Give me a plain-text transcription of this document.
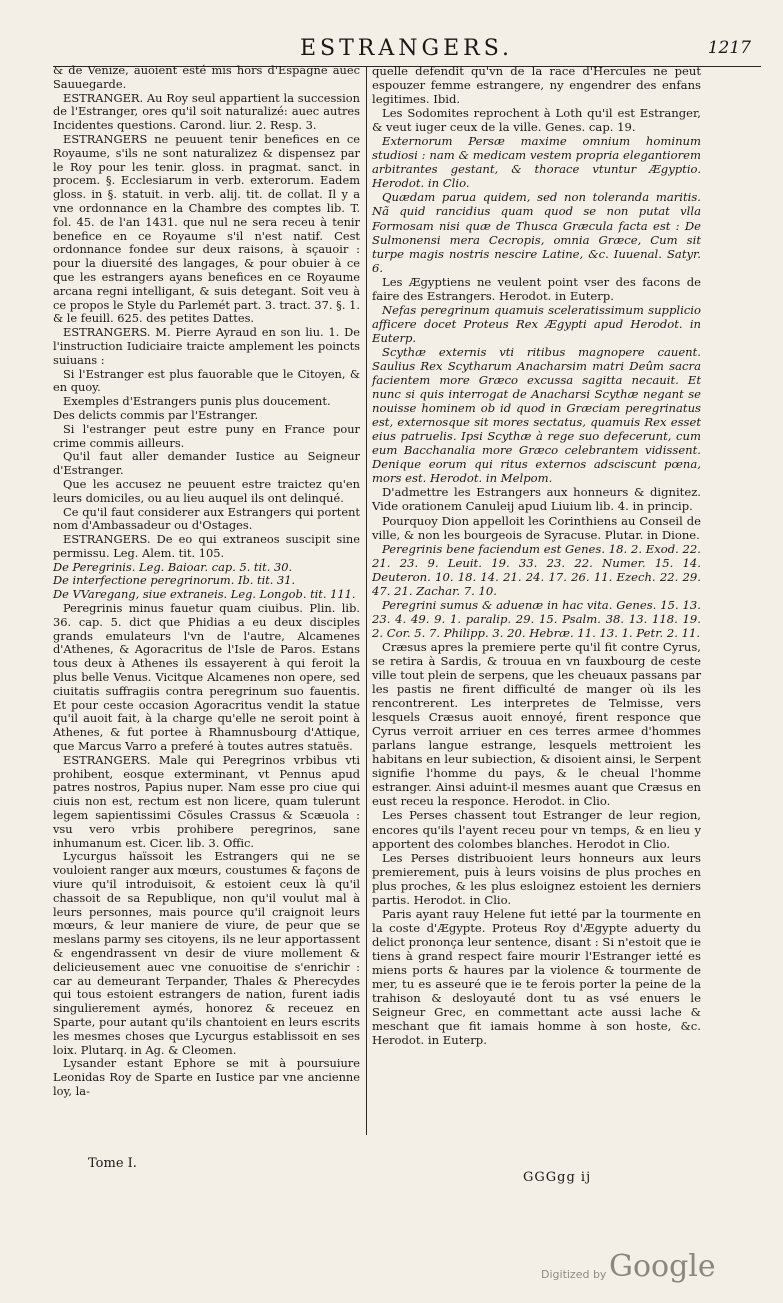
ESTRANGERS.	1217

& de Venize, auoient esté mis hors d'Espagne auec Sauuegarde.

ESTRANGER. Au Roy seul appartient la succession de l'Estranger, ores qu'il soit naturalizé: auec autres Incidentes questions. Carond. liur. 2. Resp. 3.

ESTRANGERS ne peuuent tenir benefices en ce Royaume, s'ils ne sont naturalizez & dispensez par le Roy pour les tenir. gloss. in pragmat. sanct. in procem. §. Ecclesiarum in verb. exterorum. Eadem gloss. in §. statuit. in verb. alij. tit. de collat. Il y a vne ordonnance en la Chambre des comptes lib. T. fol. 45. de l'an 1431. que nul ne sera receu à tenir benefice en ce Royaume s'il n'est natif. Cest ordonnance fondee sur deux raisons, à sçauoir : pour la diuersité des langages, & pour obuier à ce que les estrangers ayans benefices en ce Royaume arcana regni intelligant, & suis detegant. Soit veu à ce propos le Style du Parlemét part. 3. tract. 37. §. 1. & le feuill. 625. des petites Dattes.

ESTRANGERS. M. Pierre Ayraud en son liu. 1. De l'instruction Iudiciaire traicte amplement les poincts suiuans :

Si l'Estranger est plus fauorable que le Citoyen, & en quoy.

Exemples d'Estrangers punis plus doucement.

Des delicts commis par l'Estranger.

Si l'estranger peut estre puny en France pour crime commis ailleurs.

Qu'il faut aller demander Iustice au Seigneur d'Estranger.

Que les accusez ne peuuent estre traictez qu'en leurs domiciles, ou au lieu auquel ils ont delinqué.

Ce qu'il faut considerer aux Estrangers qui portent nom d'Ambassadeur ou d'Ostages.

ESTRANGERS. De eo qui extraneos suscipit sine permissu. Leg. Alem. tit. 105.

De Peregrinis. Leg. Baioar. cap. 5. tit. 30.

De interfectione peregrinorum. Ib. tit. 31.

De VVaregang, siue extraneis. Leg. Longob. tit. 111.

Peregrinis minus fauetur quam ciuibus. Plin. lib. 36. cap. 5. dict que Phidias a eu deux disciples grands emulateurs l'vn de l'autre, Alcamenes d'Athenes, & Agoracritus de l'Isle de Paros. Estans tous deux à Athenes ils essayerent à qui feroit la plus belle Venus. Vicitque Alcamenes non opere, sed ciuitatis suffragiis contra peregrinum suo fauentis. Et pour ceste occasion Agoracritus vendit la statue qu'il auoit fait, à la charge qu'elle ne seroit point à Athenes, & fut portee à Rhamnusbourg d'Attique, que Marcus Varro a preferé à toutes autres statuës.

ESTRANGERS. Male qui Peregrinos vrbibus vti prohibent, eosque exterminant, vt Pennus apud patres nostros, Papius nuper. Nam esse pro ciue qui ciuis non est, rectum est non licere, quam tulerunt legem sapientissimi Cõsules Crassus & Scæuola : vsu vero vrbis prohibere peregrinos, sane inhumanum est. Cicer. lib. 3. Offic.

Lycurgus haïssoit les Estrangers qui ne se vouloient ranger aux mœurs, coustumes & façons de viure qu'il introduisoit, & estoient ceux là qu'il chassoit de sa Republique, non qu'il voulut mal à leurs personnes, mais pource qu'il craignoit leurs mœurs, & leur maniere de viure, de peur que se meslans parmy ses citoyens, ils ne leur apportassent & engendrassent vn desir de viure mollement & delicieusement auec vne conuoitise de s'enrichir : car au demeurant Terpander, Thales & Pherecydes qui tous estoient estrangers de nation, furent iadis singulierement aymés, honorez & receuez en Sparte, pour autant qu'ils chantoient en leurs escrits les mesmes choses que Lycurgus establissoit en ses loix. Plutarq. in Ag. & Cleomen.

Lysander estant Ephore se mit à poursuiure Leonidas Roy de Sparte en Iustice par vne ancienne loy, la-

quelle defendit qu'vn de la race d'Hercules ne peut espouzer femme estrangere, ny engendrer des enfans legitimes. Ibid.

Les Sodomites reprochent à Loth qu'il est Estranger, & veut iuger ceux de la ville. Genes. cap. 19.

Externorum Persæ maxime omnium hominum studiosi : nam & medicam vestem propria elegantiorem arbitrantes gestant, & thorace vtuntur Ægyptio. Herodot. in Clio.

Quædam parua quidem, sed non toleranda maritis. Nã quid rancidius quam quod se non putat vlla Formosam nisi quæ de Thusca Græcula facta est : De Sulmonensi mera Cecropis, omnia Græce, Cum sit turpe magis nostris nescire Latine, &c. Iuuenal. Satyr. 6.

Les Ægyptiens ne veulent point vser des facons de faire des Estrangers. Herodot. in Euterp.

Nefas peregrinum quamuis sceleratissimum supplicio afficere docet Proteus Rex Ægypti apud Herodot. in Euterp.

Scythæ externis vti ritibus magnopere cauent. Saulius Rex Scytharum Anacharsim matri Deûm sacra facientem more Græco excussa sagitta necauit. Et nunc si quis interrogat de Anacharsi Scythæ negant se nouisse hominem ob id quod in Græciam peregrinatus est, externosque sit mores sectatus, quamuis Rex esset eius patruelis. Ipsi Scythæ à rege suo defecerunt, cum eum Bacchanalia more Græco celebrantem vidissent. Denique eorum qui ritus externos adsciscunt pœna, mors est. Herodot. in Melpom.

D'admettre les Estrangers aux honneurs & dignitez. Vide orationem Canuleij apud Liuium lib. 4. in princip.

Pourquoy Dion appelloit les Corinthiens au Conseil de ville, & non les bourgeois de Syracuse. Plutar. in Dione.

Peregrinis bene faciendum est Genes. 18. 2. Exod. 22. 21. 23. 9. Leuit. 19. 33. 23. 22. Numer. 15. 14. Deuteron. 10. 18. 14. 21. 24. 17. 26. 11. Ezech. 22. 29. 47. 21. Zachar. 7. 10.

Peregrini sumus & aduenæ in hac vita. Genes. 15. 13. 23. 4. 49. 9. 1. paralip. 29. 15. Psalm. 38. 13. 118. 19. 2. Cor. 5. 7. Philipp. 3. 20. Hebræ. 11. 13. 1. Petr. 2. 11.

Cræsus apres la premiere perte qu'il fit contre Cyrus, se retira à Sardis, & trouua en vn fauxbourg de ceste ville tout plein de serpens, que les cheuaux passans par les pastis ne firent difficulté de manger où ils les rencontrerent. Les interpretes de Telmisse, vers lesquels Cræsus auoit ennoyé, firent responce que Cyrus verroit arriuer en ces terres armee d'hommes parlans langue estrange, lesquels mettroient les habitans en leur subiection, & disoient ainsi, le Serpent signifie l'homme du pays, & le cheual l'homme estranger. Ainsi aduint-il mesmes auant que Cræsus en eust receu la responce. Herodot. in Clio.

Les Perses chassent tout Estranger de leur region, encores qu'ils l'ayent receu pour vn temps, & en lieu y apportent des colombes blanches. Herodot in Clio.

Les Perses distribuoient leurs honneurs aux leurs premierement, puis à leurs voisins de plus proches en plus proches, & les plus esloignez estoient les derniers partis. Herodot. in Clio.

Paris ayant rauy Helene fut ietté par la tourmente en la coste d'Ægypte. Proteus Roy d'Ægypte aduerty du delict prononça leur sentence, disant : Si n'estoit que ie tiens à grand respect faire mourir l'Estranger ietté es miens ports & haures par la violence & tourmente de mer, tu es asseuré que ie te ferois porter la peine de la trahison & desloyauté dont tu as vsé enuers le Seigneur Grec, en commettant acte aussi lache & meschant que fit iamais homme à son hoste, &c. Herodot. in Euterp.

Tome I.
GGGgg ij
Digitized by Google
